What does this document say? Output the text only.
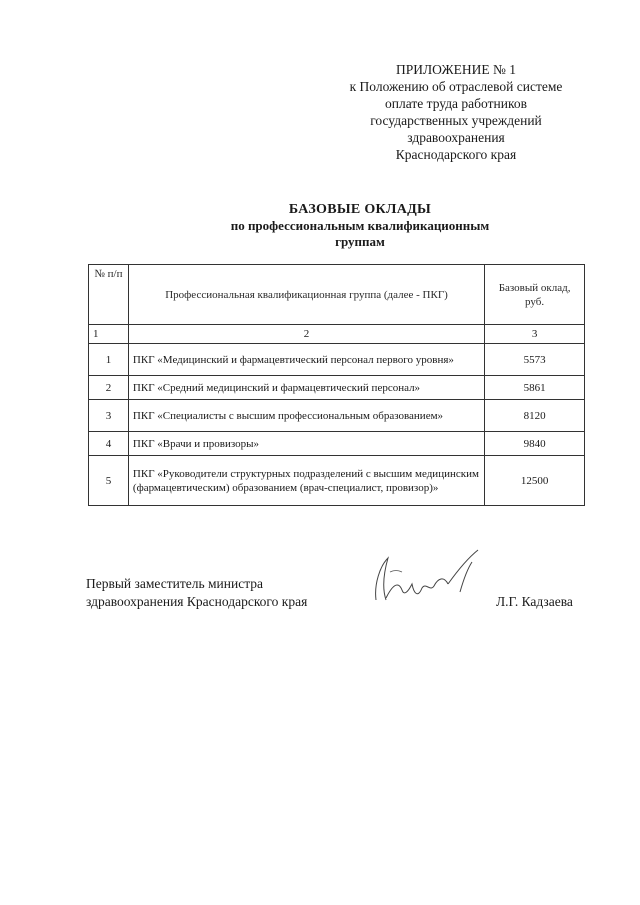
ПРИЛОЖЕНИЕ № 1
к Положению об отраслевой системе
оплате труда работников
государственных учреждений
здравоохранения
Краснодарского края
БАЗОВЫЕ ОКЛАДЫ
по профессиональным квалификационным
группам
№ п/п	Профессиональная квалификационная группа (далее - ПКГ)	Базовый оклад, руб.
1	2	3
1	ПКГ «Медицинский и фармацевтический персонал первого уровня»	5573
2	ПКГ «Средний медицинский и фармацевтический персонал»	5861
3	ПКГ «Специалисты с высшим профессиональным образованием»	8120
4	ПКГ «Врачи и провизоры»	9840
5	ПКГ «Руководители структурных подразделений с высшим медицинским (фармацевтическим) образованием (врач-специалист, провизор)»	12500
Первый заместитель министра
здравоохранения Краснодарского края	Л.Г. Кадзаева
